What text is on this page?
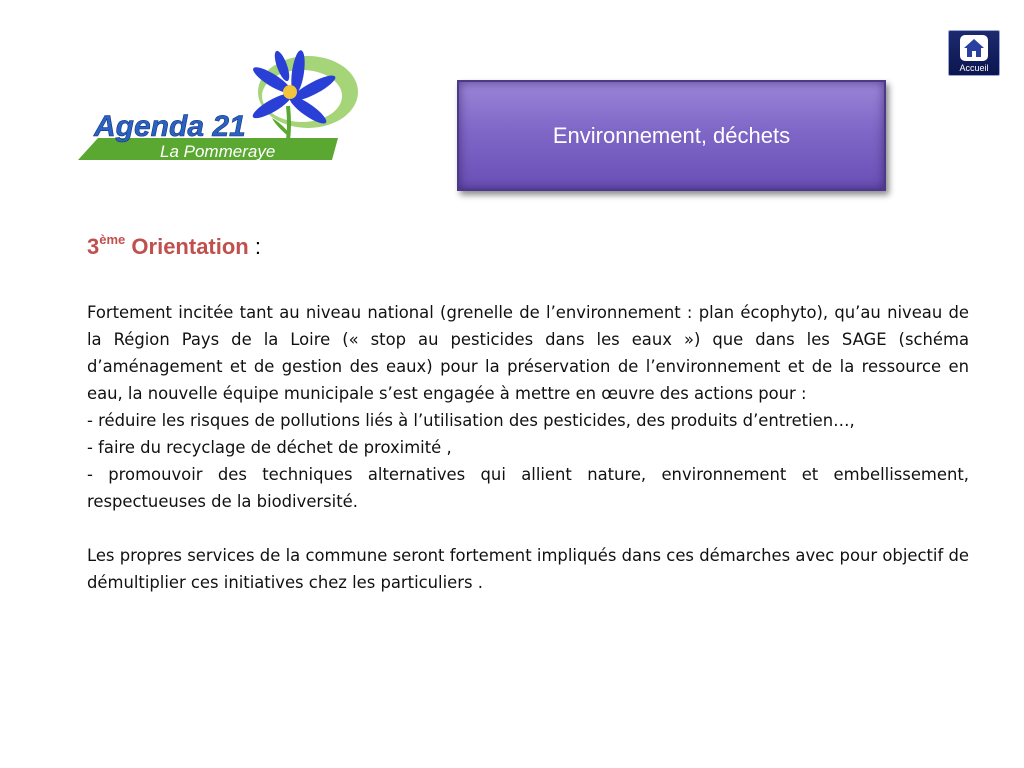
Agenda 21
La Pommeraye
Environnement, déchets
Accueil
3ème Orientation :

Fortement incitée tant au niveau national (grenelle de l’environnement : plan écophyto), qu’au niveau de la Région Pays de la Loire (« stop au pesticides dans les eaux ») que dans les SAGE (schéma d’aménagement et de gestion des eaux) pour la préservation de l’environnement et de la ressource en eau, la nouvelle équipe municipale s’est engagée à mettre en œuvre des actions pour :

- réduire les risques de pollutions liés à l’utilisation des pesticides, des produits d’entretien…,

- faire du recyclage de déchet de proximité ,

- promouvoir des techniques alternatives qui allient nature, environnement et embellissement, respectueuses de la biodiversité.

Les propres services de la commune seront fortement impliqués dans ces démarches avec pour objectif de démultiplier ces initiatives chez les particuliers .
